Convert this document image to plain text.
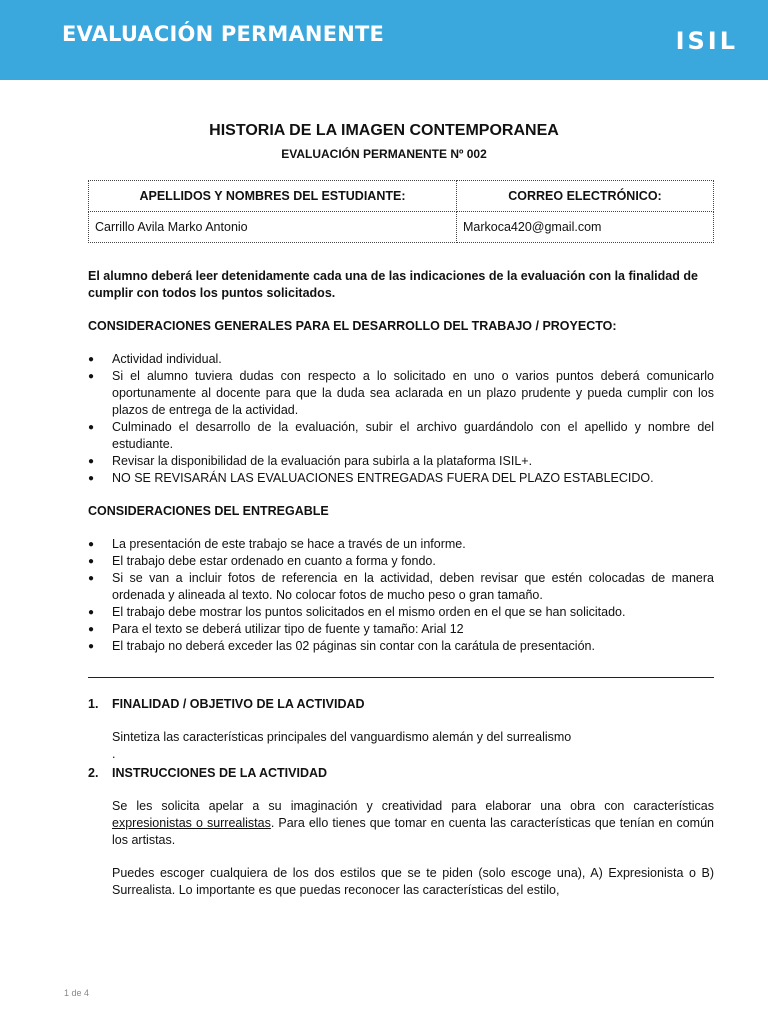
EVALUACIÓN PERMANENTE	ISIL
HISTORIA DE LA IMAGEN CONTEMPORANEA
EVALUACIÓN PERMANENTE Nº 002
APELLIDOS Y NOMBRES DEL ESTUDIANTE:	CORREO ELECTRÓNICO:
Carrillo Avila Marko Antonio	Markoca420@gmail.com

El alumno deberá leer detenidamente cada una de las indicaciones de la evaluación con la finalidad de cumplir con todos los puntos solicitados.

CONSIDERACIONES GENERALES PARA EL DESARROLLO DEL TRABAJO / PROYECTO:

● Actividad individual.
● Si el alumno tuviera dudas con respecto a lo solicitado en uno o varios puntos deberá comunicarlo oportunamente al docente para que la duda sea aclarada en un plazo prudente y pueda cumplir con los plazos de entrega de la actividad.
● Culminado el desarrollo de la evaluación, subir el archivo guardándolo con el apellido y nombre del estudiante.
● Revisar la disponibilidad de la evaluación para subirla a la plataforma ISIL+.
● NO SE REVISARÁN LAS EVALUACIONES ENTREGADAS FUERA DEL PLAZO ESTABLECIDO.

CONSIDERACIONES DEL ENTREGABLE

● La presentación de este trabajo se hace a través de un informe.
● El trabajo debe estar ordenado en cuanto a forma y fondo.
● Si se van a incluir fotos de referencia en la actividad, deben revisar que estén colocadas de manera ordenada y alineada al texto. No colocar fotos de mucho peso o gran tamaño.
● El trabajo debe mostrar los puntos solicitados en el mismo orden en el que se han solicitado.
● Para el texto se deberá utilizar tipo de fuente y tamaño: Arial 12
● El trabajo no deberá exceder las 02 páginas sin contar con la carátula de presentación.

1. FINALIDAD / OBJETIVO DE LA ACTIVIDAD

Sintetiza las características principales del vanguardismo alemán y del surrealismo

.

2. INSTRUCCIONES DE LA ACTIVIDAD

Se les solicita apelar a su imaginación y creatividad para elaborar una obra con características expresionistas o surrealistas. Para ello tienes que tomar en cuenta las características que tenían en común los artistas.

Puedes escoger cualquiera de los dos estilos que se te piden (solo escoge una), A) Expresionista o B) Surrealista. Lo importante es que puedas reconocer las características del estilo,

1 de 4
